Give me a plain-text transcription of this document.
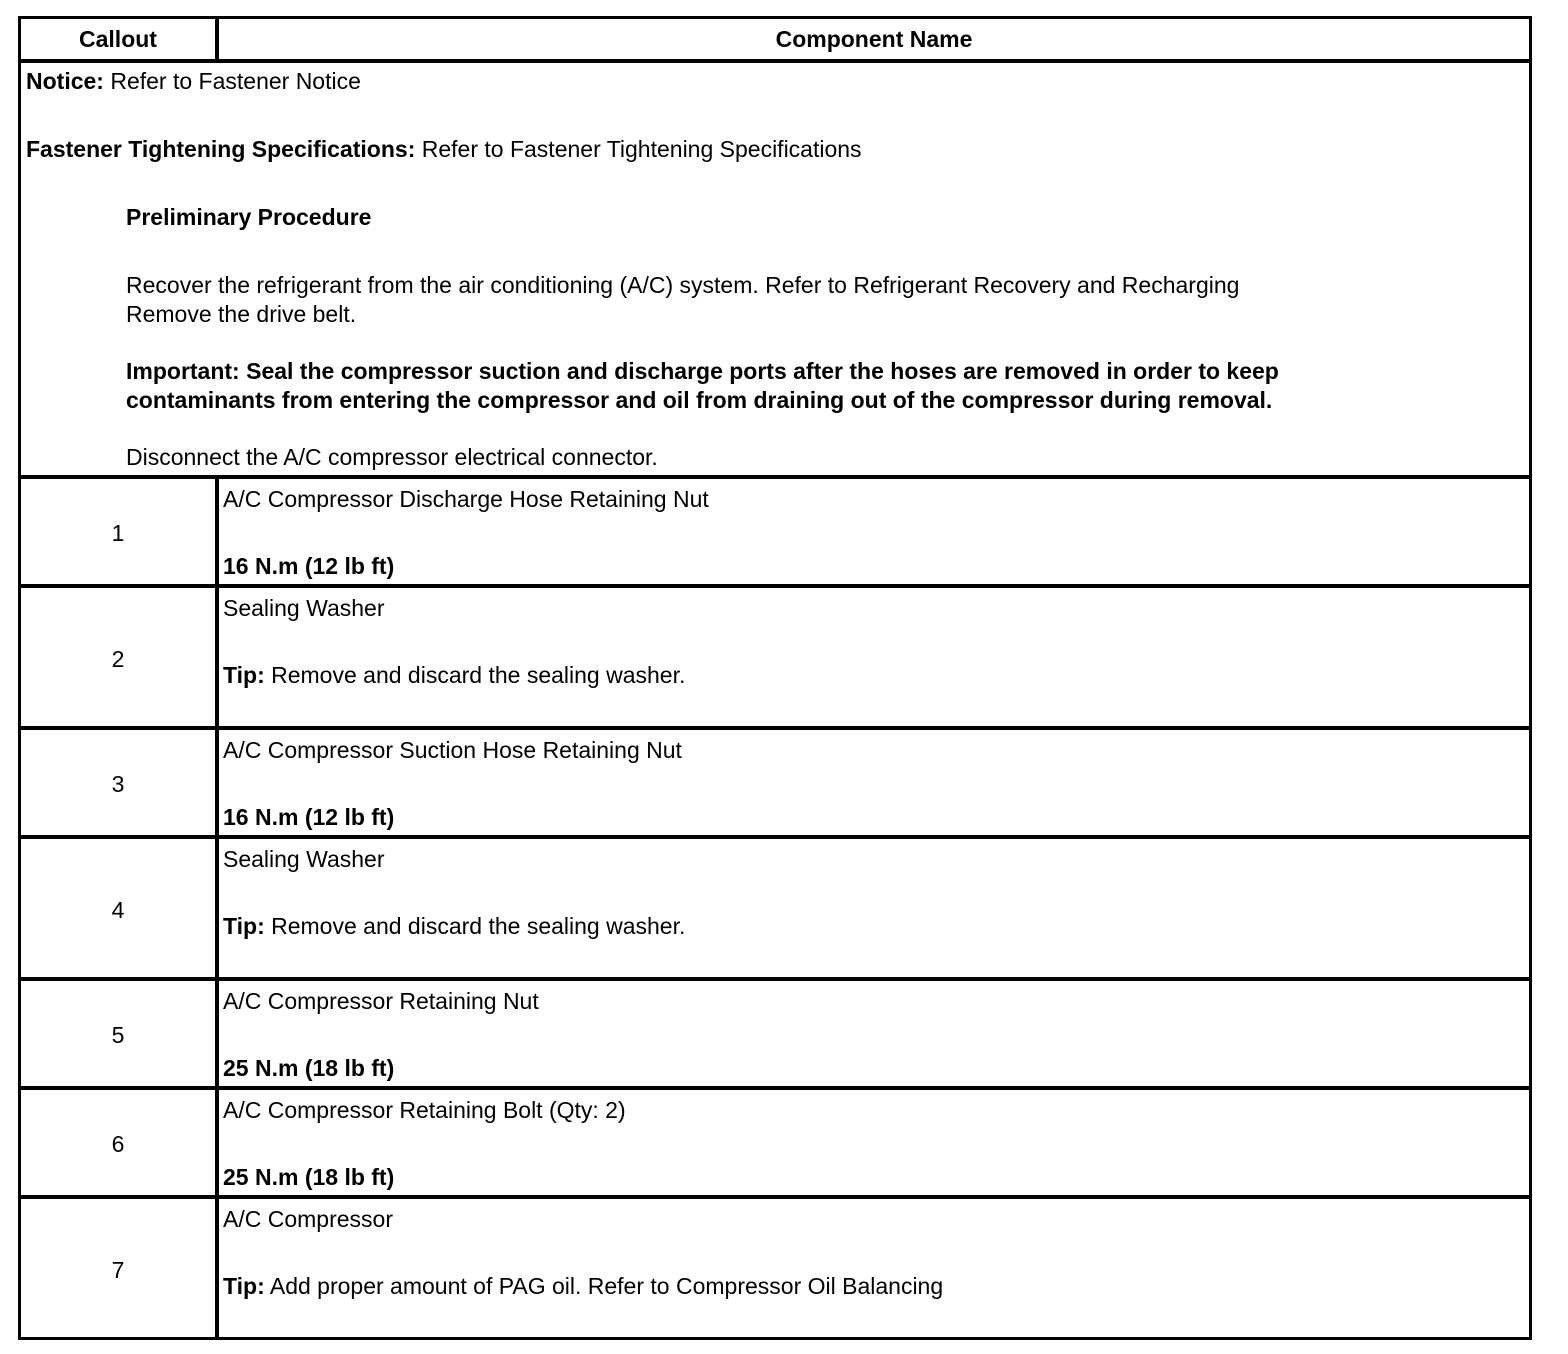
Callout	Component Name
Notice: Refer to Fastener Notice
Fastener Tightening Specifications: Refer to Fastener Tightening Specifications
Preliminary Procedure
Recover the refrigerant from the air conditioning (A/C) system. Refer to Refrigerant Recovery and Recharging
Remove the drive belt.
Important: Seal the compressor suction and discharge ports after the hoses are removed in order to keep
contaminants from entering the compressor and oil from draining out of the compressor during removal.
Disconnect the A/C compressor electrical connector.
1
A/C Compressor Discharge Hose Retaining Nut
16 N.m (12 lb ft)
2
Sealing Washer
Tip: Remove and discard the sealing washer.
3
A/C Compressor Suction Hose Retaining Nut
16 N.m (12 lb ft)
4
Sealing Washer
Tip: Remove and discard the sealing washer.
5
A/C Compressor Retaining Nut
25 N.m (18 lb ft)
6
A/C Compressor Retaining Bolt (Qty: 2)
25 N.m (18 lb ft)
7
A/C Compressor
Tip: Add proper amount of PAG oil. Refer to Compressor Oil Balancing
